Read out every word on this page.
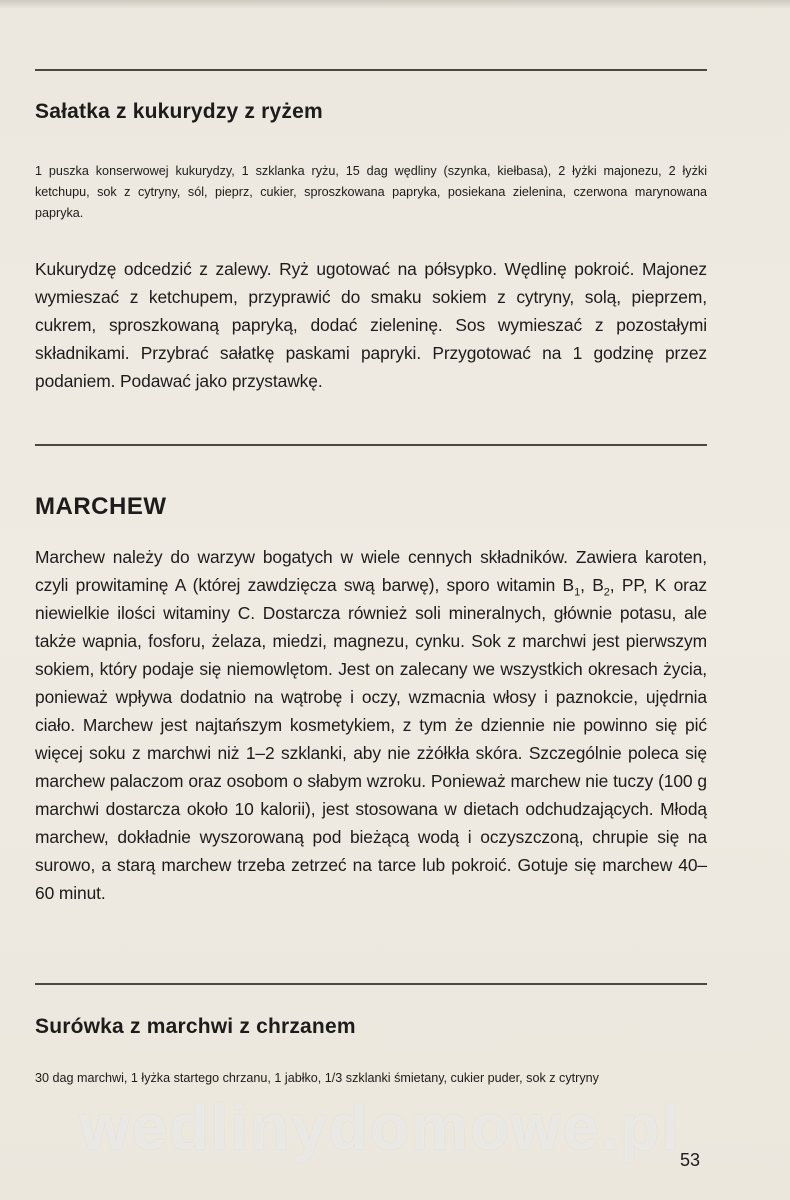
Sałatka z kukurydzy z ryżem

1 puszka konserwowej kukurydzy, 1 szklanka ryżu, 15 dag wędliny (szynka, kiełbasa), 2 łyżki majonezu, 2 łyżki ketchupu, sok z cytryny, sól, pieprz, cukier, sproszkowana papryka, posiekana zielenina, czerwona marynowana papryka.

Kukurydzę odcedzić z zalewy. Ryż ugotować na półsypko. Wędlinę pokroić. Majonez wymieszać z ketchupem, przyprawić do smaku sokiem z cytryny, solą, pieprzem, cukrem, sproszkowaną papryką, dodać zieleninę. Sos wymieszać z pozostałymi składnikami. Przybrać sałatkę paskami papryki. Przygotować na 1 godzinę przez podaniem. Podawać jako przystawkę.

MARCHEW

Marchew należy do warzyw bogatych w wiele cennych składników. Zawiera karoten, czyli prowitaminę A (której zawdzięcza swą barwę), sporo witamin $B_1$, $B_2$, PP, K oraz niewielkie ilości witaminy C. Dostarcza również soli mineralnych, głównie potasu, ale także wapnia, fosforu, żelaza, miedzi, magnezu, cynku. Sok z marchwi jest pierwszym sokiem, który podaje się niemowlętom. Jest on zalecany we wszystkich okresach życia, ponieważ wpływa dodatnio na wątrobę i oczy, wzmacnia włosy i paznokcie, ujędrnia ciało. Marchew jest najtańszym kosmetykiem, z tym że dziennie nie powinno się pić więcej soku z marchwi niż 1–2 szklanki, aby nie zżółkła skóra. Szczególnie poleca się marchew palaczom oraz osobom o słabym wzroku. Ponieważ marchew nie tuczy (100 g marchwi dostarcza około 10 kalorii), jest stosowana w dietach odchudzających. Młodą marchew, dokładnie wyszorowaną pod bieżącą wodą i oczyszczoną, chrupie się na surowo, a starą marchew trzeba zetrzeć na tarce lub pokroić. Gotuje się marchew 40–60 minut.

Surówka z marchwi z chrzanem

30 dag marchwi, 1 łyżka startego chrzanu, 1 jabłko, 1/3 szklanki śmietany, cukier puder, sok z cytryny

wedlinydomowe.pl 53
